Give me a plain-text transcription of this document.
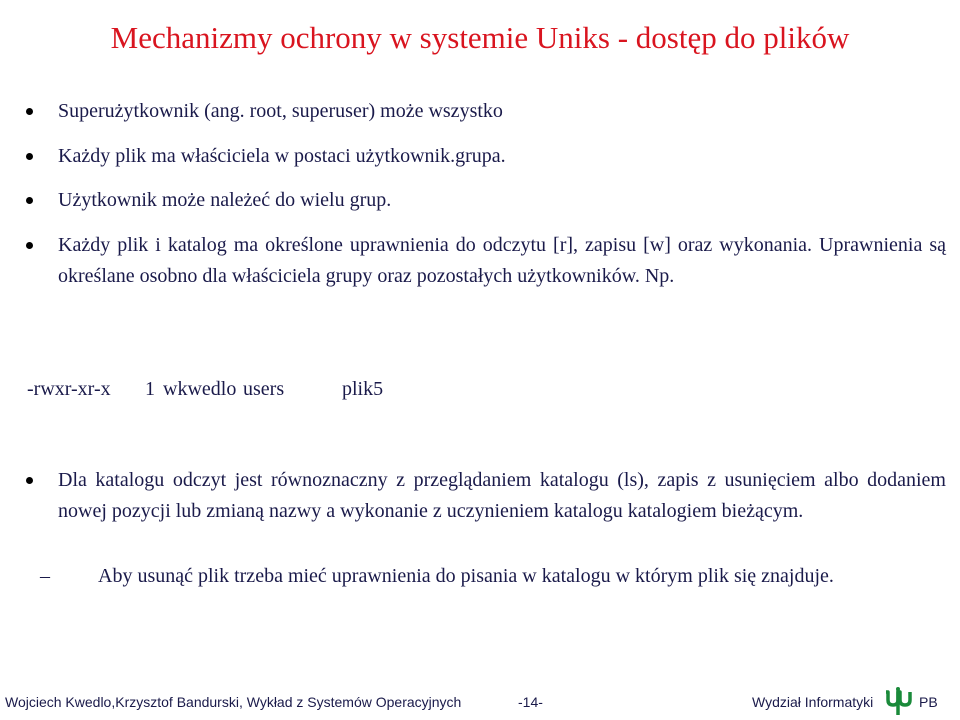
Mechanizmy ochrony w systemie Uniks - dostęp do plików
Superużytkownik (ang. root, superuser) może wszystko
Każdy plik ma właściciela w postaci użytkownik.grupa.
Użytkownik może należeć do wielu grup.
Każdy plik i katalog ma określone uprawnienia do odczytu [r], zapisu [w] oraz wykonania. Uprawnienia są określane osobno dla właściciela grupy oraz pozostałych użytkowników. Np.
-rwxr-xr-x 1 wkwedlo users	plik5
Dla katalogu odczyt jest równoznaczny z przeglądaniem katalogu (ls), zapis z usunięciem albo dodaniem nowej pozycji lub zmianą nazwy a wykonanie z uczynieniem katalogu katalogiem bieżącym.
– Aby usunąć plik trzeba mieć uprawnienia do pisania w katalogu w którym plik się znajduje.
Wojciech Kwedlo,Krzysztof Bandurski, Wykład z Systemów Operacyjnych	-14-	Wydział Informatyki	PB
